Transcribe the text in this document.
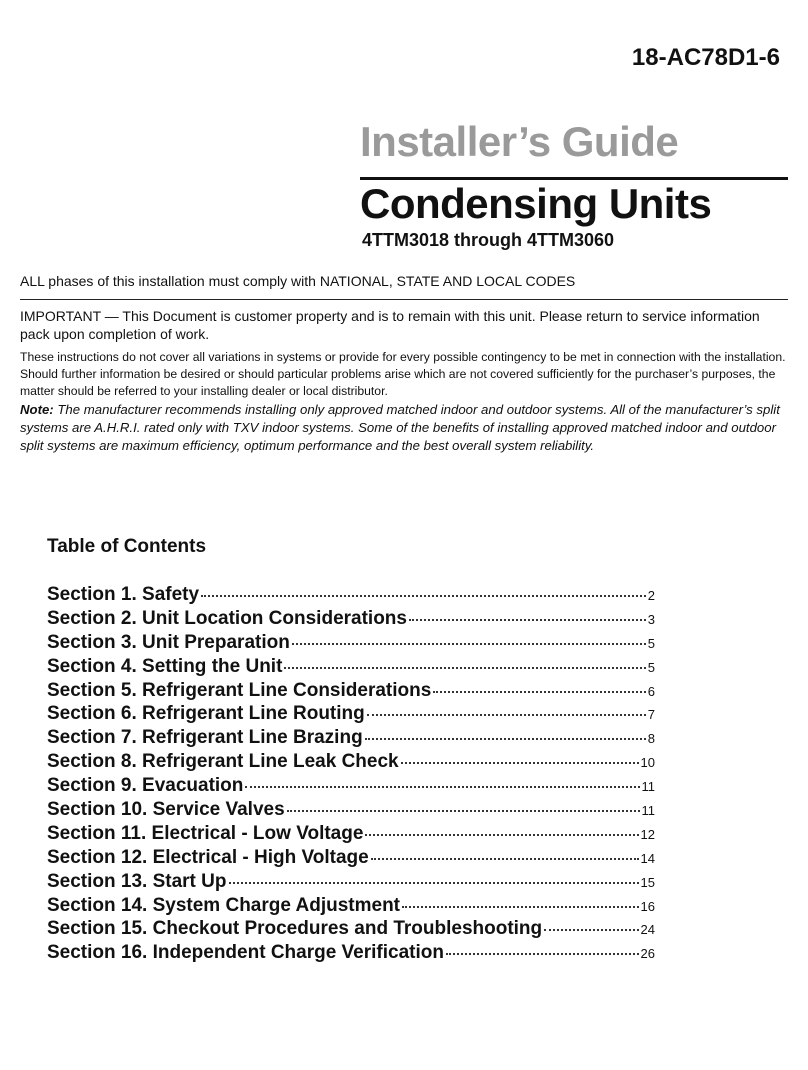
18-AC78D1-6
Installer’s Guide
Condensing Units

4TTM3018 through 4TTM3060

ALL phases of this installation must comply with NATIONAL, STATE AND LOCAL CODES

IMPORTANT — This Document is customer property and is to remain with this unit. Please return to service information pack upon completion of work.

These instructions do not cover all variations in systems or provide for every possible contingency to be met in connection with the installation. Should further information be desired or should particular problems arise which are not covered sufficiently for the purchaser’s purposes, the matter should be referred to your installing dealer or local distributor.

Note: The manufacturer recommends installing only approved matched indoor and outdoor systems. All of the manufacturer’s split systems are A.H.R.I. rated only with TXV indoor systems. Some of the benefits of installing approved matched indoor and outdoor split systems are maximum efficiency, optimum performance and the best overall system reliability.

Table of Contents
Section 1. Safety	2
Section 2. Unit Location Considerations	3
Section 3. Unit Preparation	5
Section 4. Setting the Unit	5
Section 5. Refrigerant Line Considerations	6
Section 6. Refrigerant Line Routing	7
Section 7. Refrigerant Line Brazing	8
Section 8. Refrigerant Line Leak Check	10
Section 9. Evacuation	11
Section 10. Service Valves	11
Section 11. Electrical - Low Voltage	12
Section 12. Electrical - High Voltage	14
Section 13. Start Up	15
Section 14. System Charge Adjustment	16
Section 15. Checkout Procedures and Troubleshooting	24
Section 16. Independent Charge Verification	26
